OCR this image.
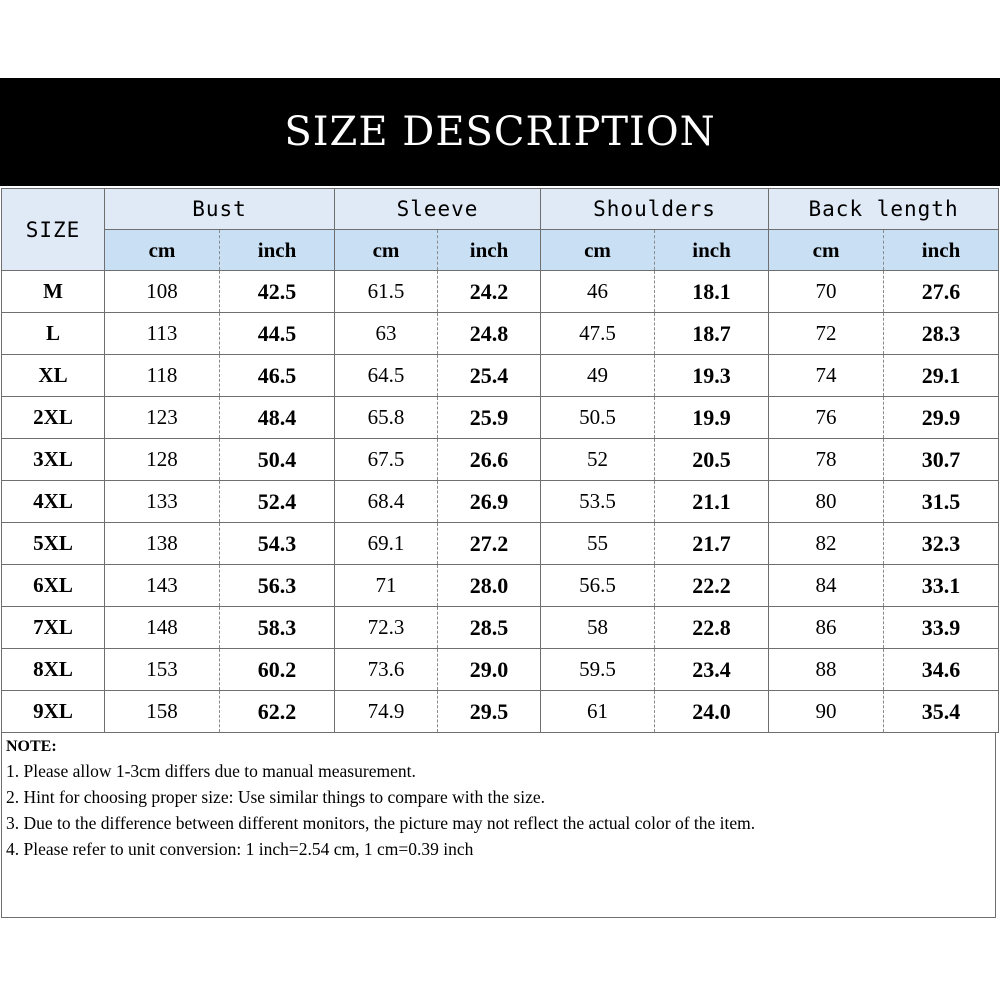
SIZE DESCRIPTION
SIZE	Bust		Sleeve		Shoulders		Back length	
	cm	inch	cm	inch	cm	inch	cm	inch
M	108	42.5	61.5	24.2	46	18.1	70	27.6
L	113	44.5	63	24.8	47.5	18.7	72	28.3
XL	118	46.5	64.5	25.4	49	19.3	74	29.1
2XL	123	48.4	65.8	25.9	50.5	19.9	76	29.9
3XL	128	50.4	67.5	26.6	52	20.5	78	30.7
4XL	133	52.4	68.4	26.9	53.5	21.1	80	31.5
5XL	138	54.3	69.1	27.2	55	21.7	82	32.3
6XL	143	56.3	71	28.0	56.5	22.2	84	33.1
7XL	148	58.3	72.3	28.5	58	22.8	86	33.9
8XL	153	60.2	73.6	29.0	59.5	23.4	88	34.6
9XL	158	62.2	74.9	29.5	61	24.0	90	35.4
NOTE:
1. Please allow 1-3cm differs due to manual measurement.
2. Hint for choosing proper size: Use similar things to compare with the size.
3. Due to the difference between different monitors, the picture may not reflect the actual color of the item.
4. Please refer to unit conversion: 1 inch=2.54 cm, 1 cm=0.39 inch
